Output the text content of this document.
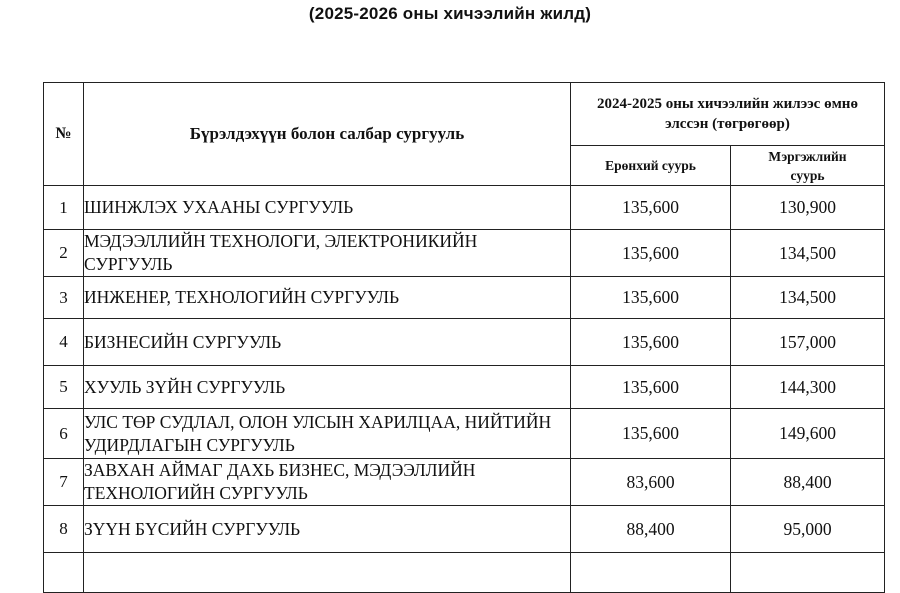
(2025-2026 оны хичээлийн жилд)
№	Бүрэлдэхүүн болон салбар сургууль	2024-2025 оны хичээлийн жилээс өмнө элссэн (төгрөгөөр)	

		Ерөнхий суурь	Мэргэжлийн суурь

1	ШИНЖЛЭХ УХААНЫ СУРГУУЛЬ	135,600	130,900
2	МЭДЭЭЛЛИЙН ТЕХНОЛОГИ, ЭЛЕКТРОНИКИЙН СУРГУУЛЬ	135,600	134,500
3	ИНЖЕНЕР, ТЕХНОЛОГИЙН СУРГУУЛЬ	135,600	134,500
4	БИЗНЕСИЙН СУРГУУЛЬ	135,600	157,000
5	ХУУЛЬ ЗҮЙН СУРГУУЛЬ	135,600	144,300
6	УЛС ТӨР СУДЛАЛ, ОЛОН УЛСЫН ХАРИЛЦАА, НИЙТИЙН УДИРДЛАГЫН СУРГУУЛЬ	135,600	149,600
7	ЗАВХАН АЙМАГ ДАХЬ БИЗНЕС, МЭДЭЭЛЛИЙН ТЕХНОЛОГИЙН СУРГУУЛЬ	83,600	88,400
8	ЗҮҮН БҮСИЙН СУРГУУЛЬ	88,400	95,000
